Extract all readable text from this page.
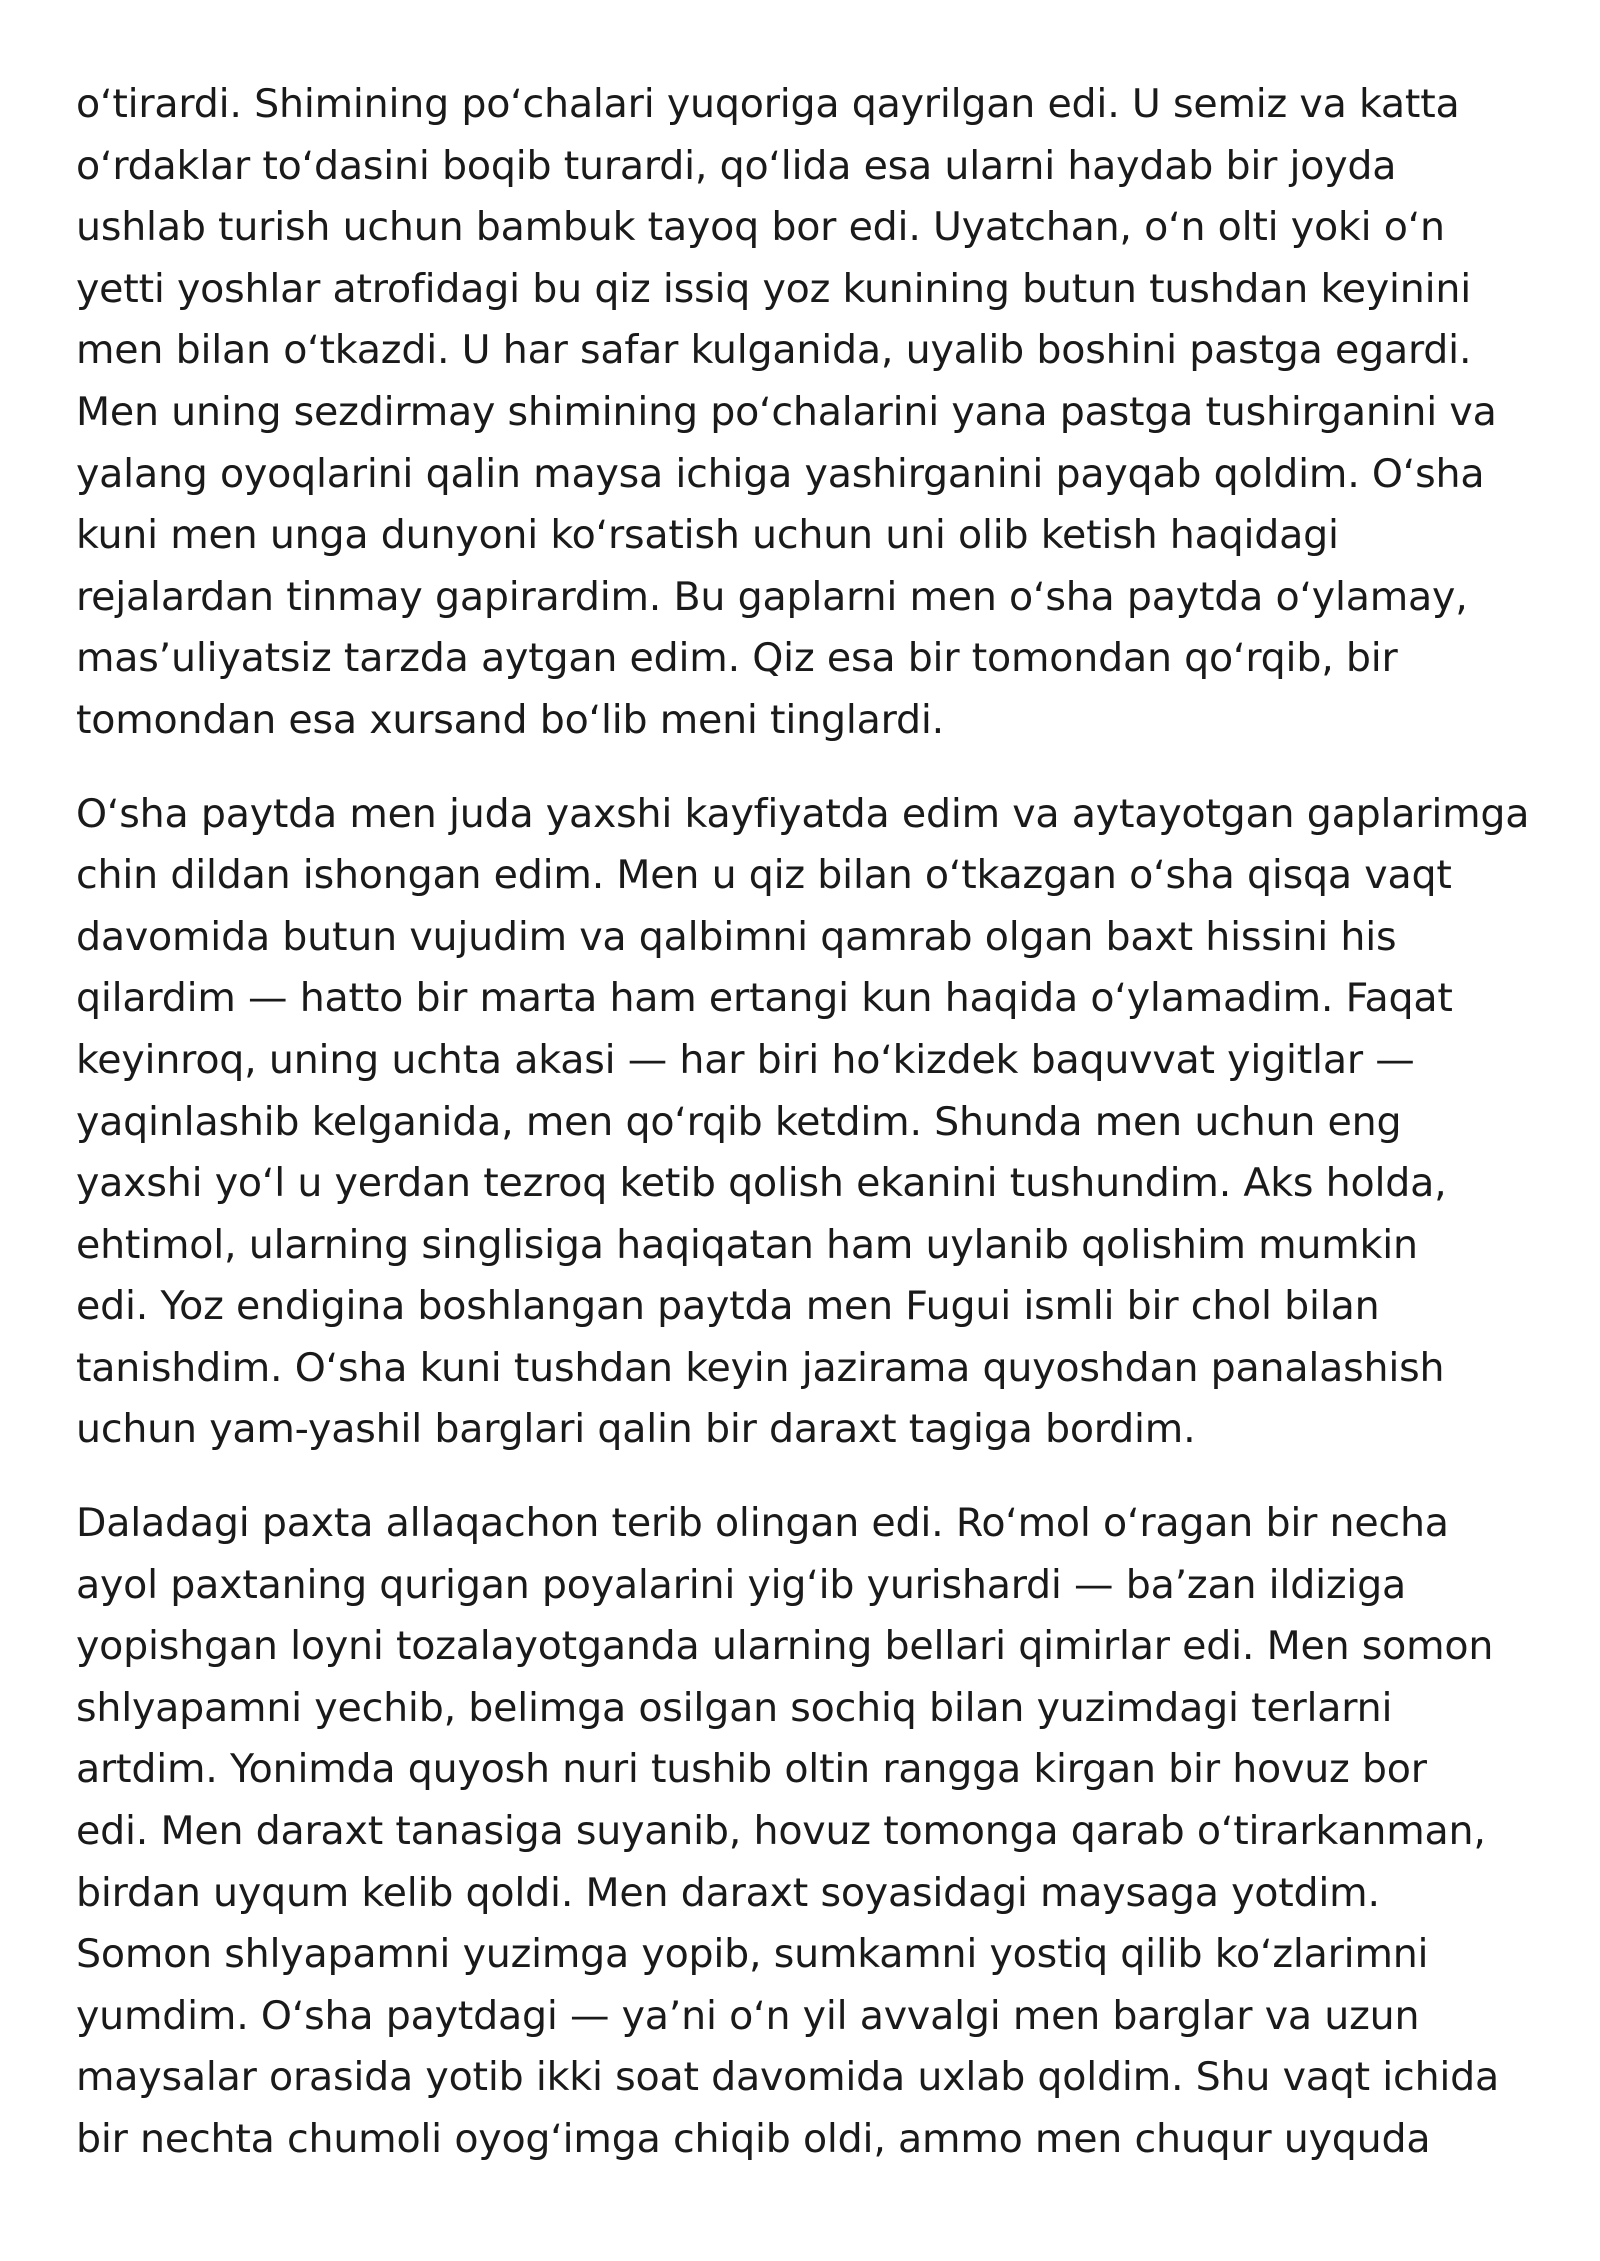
o‘tirardi. Shimining po‘chalari yuqoriga qayrilgan edi. U semiz va katta
o‘rdaklar to‘dasini boqib turardi, qo‘lida esa ularni haydab bir joyda
ushlab turish uchun bambuk tayoq bor edi. Uyatchan, o‘n olti yoki o‘n
yetti yoshlar atrofidagi bu qiz issiq yoz kunining butun tushdan keyinini
men bilan o‘tkazdi. U har safar kulganida, uyalib boshini pastga egardi.
Men uning sezdirmay shimining po‘chalarini yana pastga tushirganini va
yalang oyoqlarini qalin maysa ichiga yashirganini payqab qoldim. O‘sha
kuni men unga dunyoni ko‘rsatish uchun uni olib ketish haqidagi
rejalardan tinmay gapirardim. Bu gaplarni men o‘sha paytda o‘ylamay,
mas’uliyatsiz tarzda aytgan edim. Qiz esa bir tomondan qo‘rqib, bir
tomondan esa xursand bo‘lib meni tinglardi.

O‘sha paytda men juda yaxshi kayfiyatda edim va aytayotgan gaplarimga
chin dildan ishongan edim. Men u qiz bilan o‘tkazgan o‘sha qisqa vaqt
davomida butun vujudim va qalbimni qamrab olgan baxt hissini his
qilardim — hatto bir marta ham ertangi kun haqida o‘ylamadim. Faqat
keyinroq, uning uchta akasi — har biri ho‘kizdek baquvvat yigitlar —
yaqinlashib kelganida, men qo‘rqib ketdim. Shunda men uchun eng
yaxshi yo‘l u yerdan tezroq ketib qolish ekanini tushundim. Aks holda,
ehtimol, ularning singlisiga haqiqatan ham uylanib qolishim mumkin
edi. Yoz endigina boshlangan paytda men Fugui ismli bir chol bilan
tanishdim. O‘sha kuni tushdan keyin jazirama quyoshdan panalashish
uchun yam-yashil barglari qalin bir daraxt tagiga bordim.

Daladagi paxta allaqachon terib olingan edi. Ro‘mol o‘ragan bir necha
ayol paxtaning qurigan poyalarini yig‘ib yurishardi — ba’zan ildiziga
yopishgan loyni tozalayotganda ularning bellari qimirlar edi. Men somon
shlyapamni yechib, belimga osilgan sochiq bilan yuzimdagi terlarni
artdim. Yonimda quyosh nuri tushib oltin rangga kirgan bir hovuz bor
edi. Men daraxt tanasiga suyanib, hovuz tomonga qarab o‘tirarkanman,
birdan uyqum kelib qoldi. Men daraxt soyasidagi maysaga yotdim.
Somon shlyapamni yuzimga yopib, sumkamni yostiq qilib ko‘zlarimni
yumdim. O‘sha paytdagi — ya’ni o‘n yil avvalgi men barglar va uzun
maysalar orasida yotib ikki soat davomida uxlab qoldim. Shu vaqt ichida
bir nechta chumoli oyog‘imga chiqib oldi, ammo men chuqur uyquda
